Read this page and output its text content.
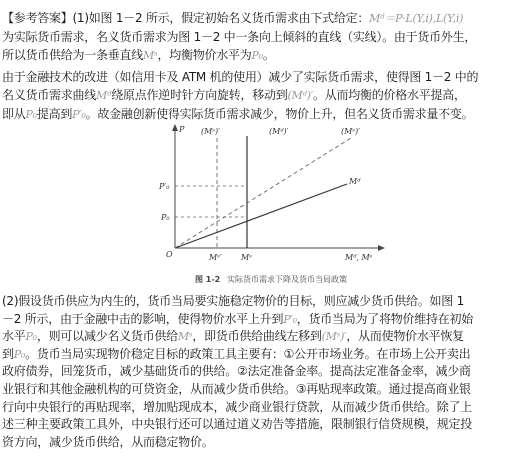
【参考答案】(1)如图 1－2 所示，假定初始名义货币需求由下式给定：Mᵈ＝P·L(Y,i),L(Y,i)
为实际货币需求，名义货币需求为图 1－2 中一条向上倾斜的直线（实线）。由于货币外生，
所以货币供给为一条垂直线Mˢ，均衡物价水平为P₀。
由于金融技术的改进（如信用卡及 ATM 机的使用）减少了实际货币需求，使得图 1－2 中的
名义货币需求曲线Mᵈ绕原点作逆时针方向旋转，移动到(Mᵈ)′。从而均衡的价格水平提高，
即从P₀提高到P′₀。故金融创新使得实际货币需求减少，物价上升，但名义货币需求量不变。
(Mˢ)′	(Mᵈ)′	(Mˢ)′
Mᵈ
P′₀
P₀
O	Mˢ′ Mˢ	Mᵈ, Mˢ
P
图 1-2 实际货币需求下降及货币当局政策
(2)假设货币供应为内生的，货币当局要实施稳定物价的目标，则应减少货币供给。如图 1
－2 所示，由于金融中击的影响，使得物价水平上升到P′₀，货币当局为了将物价维持在初始
水平P₀，则可以减少名义货币供给Mˢ，即货币供给曲线左移到(Mˢ)′，从而使物价水平恢复
到P₀。货币当局实现物价稳定目标的政策工具主要有：①公开市场业务。在市场上公开卖出
政府债券，回笼货币，减少基础货币的供给。②法定准备金率。提高法定准备金率，减少商
业银行和其他金融机构的可贷资金，从而减少货币供给。③再贴现率政策。通过提高商业银
行向中央银行的再贴现率，增加贴现成本，减少商业银行贷款，从而减少货币供给。除了上
述三种主要政策工具外，中央银行还可以通过道义劝告等措施，限制银行信贷规模，规定投
资方向，减少货币供给，从而稳定物价。
